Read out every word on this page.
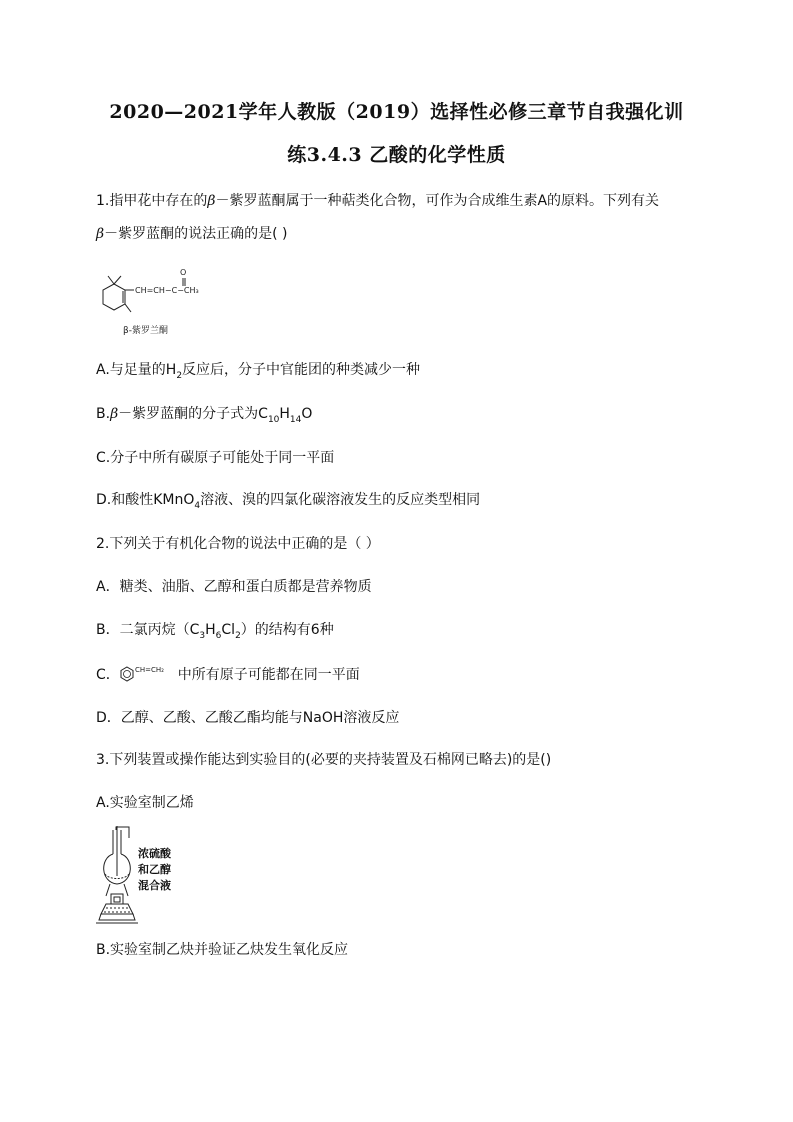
2020—2021学年人教版（2019）选择性必修三章节自我强化训
练3.4.3 乙酸的化学性质
1.指甲花中存在的β－紫罗蓝酮属于一种萜类化合物，可作为合成维生素A的原料。下列有关
β－紫罗蓝酮的说法正确的是( )
O
CH=CH−C−CH₃
β-紫罗兰酮
A.与足量的$H_2$反应后，分子中官能团的种类减少一种
B.β－紫罗蓝酮的分子式为$C_{10}H_{14}O$
C.分子中所有碳原子可能处于同一平面
D.和酸性KMnO$_4$溶液、溴的四氯化碳溶液发生的反应类型相同
2.下列关于有机化合物的说法中正确的是（ ）
A．糖类、油脂、乙醇和蛋白质都是营养物质
B．二氯丙烷$(C_3H_6Cl_2)$的结构有6种
C． CH=CH₂ 中所有原子可能都在同一平面
D．乙醇、乙酸、乙酸乙酯均能与NaOH溶液反应
3.下列装置或操作能达到实验目的(必要的夹持装置及石棉网已略去)的是()
A.实验室制乙烯
浓硫酸
和乙醇
混合液
B.实验室制乙炔并验证乙炔发生氧化反应
